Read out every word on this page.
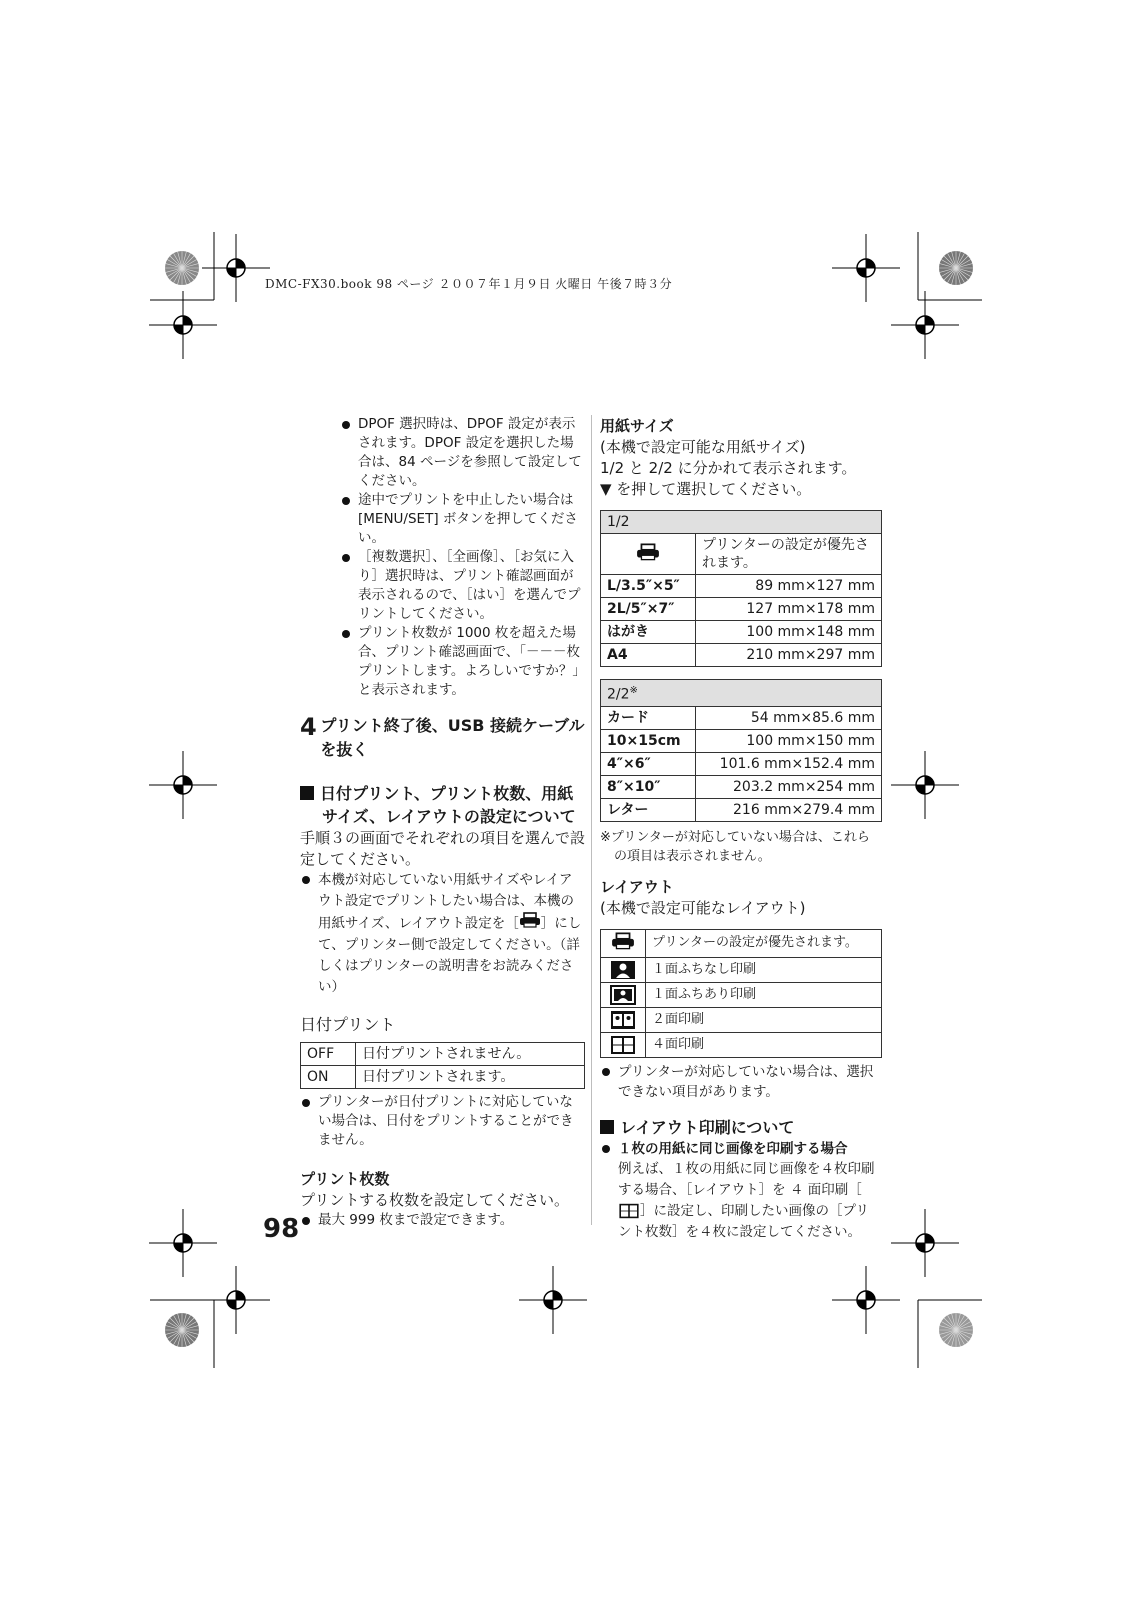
DMC-FX30.book 98 ページ ２００７年１月９日 火曜日 午後７時３分
DPOF 選択時は、DPOF 設定が表示されます。DPOF 設定を選択した場合は、84 ページを参照して設定してください。
途中でプリントを中止したい場合は [MENU/SET] ボタンを押してください。
［複数選択］、［全画像］、［お気に入り］選択時は、プリント確認画面が表示されるので、［はい］を選んでプリントしてください。
プリント枚数が 1000 枚を超えた場合、プリント確認画面で、「－－－枚プリントします。よろしいですか？」と表示されます。
4 プリント終了後、USB 接続ケーブルを抜く
日付プリント、プリント枚数、用紙
サイズ、レイアウトの設定について
手順３の画面でそれぞれの項目を選んで設定してください。
本機が対応していない用紙サイズやレイアウト設定でプリントしたい場合は、本機の用紙サイズ、レイアウト設定を［ ］にして、プリンター側で設定してください。（詳しくはプリンターの説明書をお読みください）
日付プリント
OFF	日付プリントされません。
ON	日付プリントされます。
プリンターが日付プリントに対応していない場合は、日付をプリントすることができません。
プリント枚数
プリントする枚数を設定してください。
最大 999 枚まで設定できます。
用紙サイズ
(本機で設定可能な用紙サイズ)
1/2 と 2/2 に分かれて表示されます。
▼ を押して選択してください。
1/2	
	プリンターの設定が優先されます。
L/3.5″×5″	89 mm×127 mm
2L/5″×7″	127 mm×178 mm
はがき	100 mm×148 mm
A4	210 mm×297 mm
2/2※
カード	54 mm×85.6 mm
10×15cm	100 mm×150 mm
4″×6″	101.6 mm×152.4 mm
8″×10″	203.2 mm×254 mm
レター	216 mm×279.4 mm
※プリンターが対応していない場合は、これらの項目は表示されません。
レイアウト
(本機で設定可能なレイアウト)
	プリンターの設定が優先されます。
	１面ふちなし印刷
	１面ふちあり印刷
	２面印刷
	４面印刷
プリンターが対応していない場合は、選択できない項目があります。
レイアウト印刷について
１枚の用紙に同じ画像を印刷する場合
例えば、１枚の用紙に同じ画像を４枚印刷する場合、［レイアウト］を ４ 面印刷［］に設定し、印刷したい画像の［プリント枚数］を４枚に設定してください。
98
